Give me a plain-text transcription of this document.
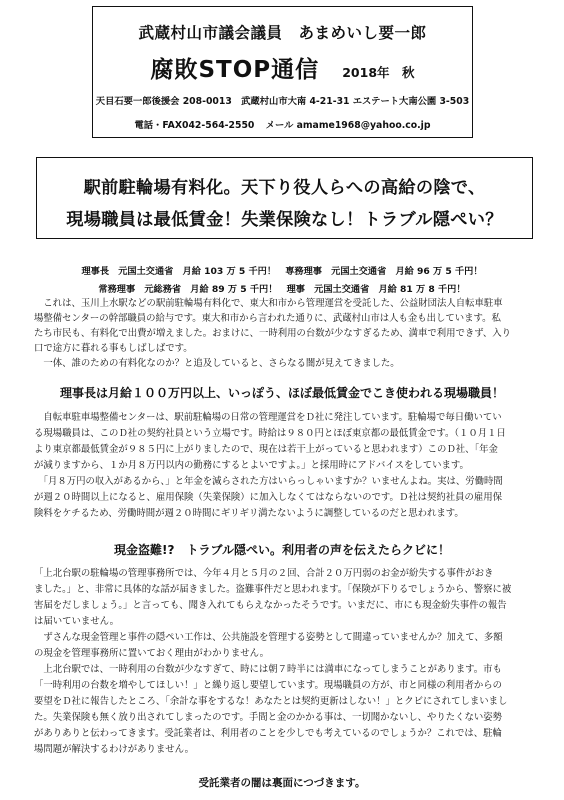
武蔵村山市議会議員　あまめいし要一郎
腐敗STOP通信 2018年　秋
天目石要一郎後援会 208-0013　武蔵村山市大南 4-21-31 エステート大南公園 3-503
電話・FAX042-564-2550 メール amame1968@yahoo.co.jp
駅前駐輪場有料化。天下り役人らへの高給の陰で、
現場職員は最低賃金！失業保険なし！トラブル隠ぺい？
理事長　元国土交通省　月給 103 万 5 千円！　専務理事　元国土交通省　月給 96 万 5 千円！
常務理事　元総務省　月給 89 万 5 千円！　理事　元国土交通省　月給 81 万 8 千円！
　これは、玉川上水駅などの駅前駐輪場有料化で、東大和市から管理運営を受託した、公益財団法人自転車駐車
場整備センターの幹部職員の給与です。東大和市から言われた通りに、武蔵村山市は人も金も出しています。私
たち市民も、有料化で出費が増えました。おまけに、一時利用の台数が少なすぎるため、満車で利用できず、入り
口で途方に暮れる事もしばしばです。
　一体、誰のための有料化なのか？と追及していると、さらなる闇が見えてきました。
理事長は月給１００万円以上、いっぽう、ほぼ最低賃金でこき使われる現場職員！
　自転車駐車場整備センターは、駅前駐輪場の日常の管理運営をＤ社に発注しています。駐輪場で毎日働いてい
る現場職員は、このＤ社の契約社員という立場です。時給は９８０円とほぼ東京都の最低賃金です。（１０月１日
より東京都最低賃金が９８５円に上がりましたので、現在は若干上がっていると思われます）このＤ社、「年金
が減りますから、１か月８万円以内の勤務にするとよいですよ。」と採用時にアドバイスをしています。
　「月８万円の収入があるから、」と年金を減らされた方はいらっしゃいますか？いませんよね。実は、労働時間
が週２０時間以上になると、雇用保険（失業保険）に加入しなくてはならないのです。Ｄ社は契約社員の雇用保
険料をケチるため、労働時間が週２０時間にギリギリ満たないように調整しているのだと思われます。
現金盗難!?　トラブル隠ぺい。利用者の声を伝えたらクビに！
「上北台駅の駐輪場の管理事務所では、今年４月と５月の２回、合計２０万円弱のお金が紛失する事件がおき
ました。」と、非常に具体的な話が届きました。盗難事件だと思われます。「保険が下りるでしょうから、警察に被
害届をだしましょう。」と言っても、聞き入れてもらえなかったそうです。いまだに、市にも現金紛失事件の報告
は届いていません。
　ずさんな現金管理と事件の隠ぺい工作は、公共施設を管理する姿勢として間違っていませんか？加えて、多額
の現金を管理事務所に置いておく理由がわかりません。
　上北台駅では、一時利用の台数が少なすぎて、時には朝７時半には満車になってしまうことがあります。市も
「一時利用の台数を増やしてほしい！」と繰り返し要望しています。現場職員の方が、市と同様の利用者からの
要望をＤ社に報告したところ、「余計な事をするな！あなたとは契約更新はしない！」とクビにされてしまいまし
た。失業保険も無く放り出されてしまったのです。手間と金のかかる事は、一切聞かないし、やりたくない姿勢
がありありと伝わってきます。受託業者は、利用者のことを少しでも考えているのでしょうか？これでは、駐輪
場問題が解決するわけがありません。
受託業者の闇は裏面につづきます。
